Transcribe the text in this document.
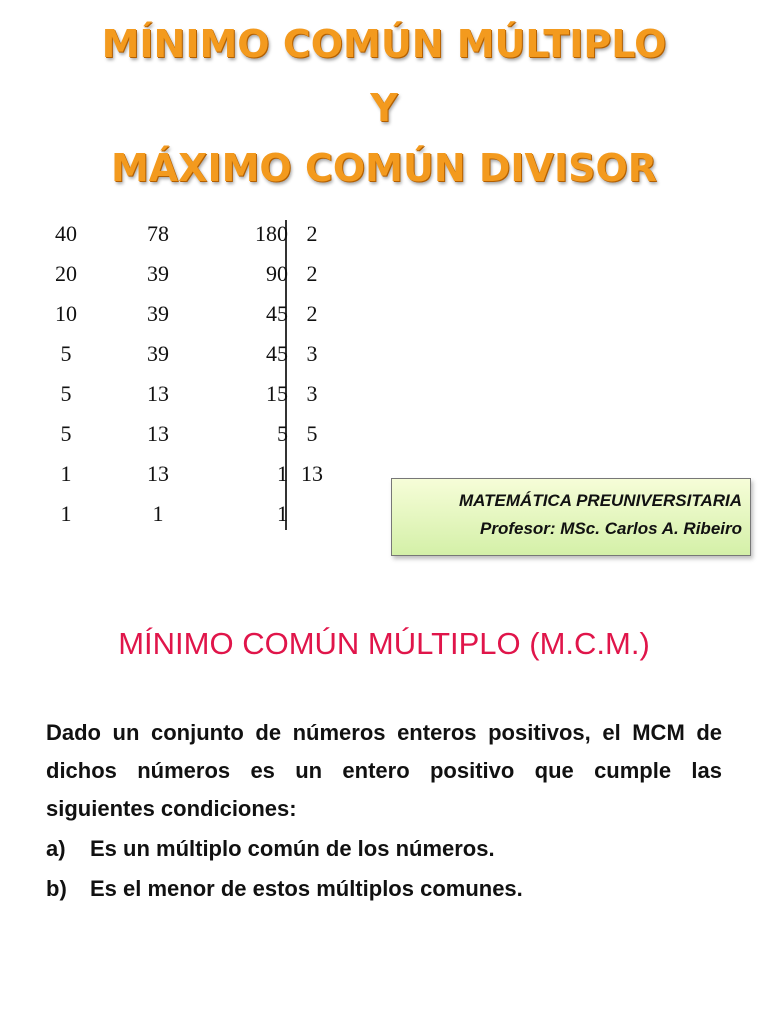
MÍNIMO COMÚN MÚLTIPLO
Y
MÁXIMO COMÚN DIVISOR
40	78	180 2
20	39	90 2
10	39	45 2
5	39	45 3
5	13	15 3
5	13	5 5
1	13	1 13
1	1	1
MATEMÁTICA PREUNIVERSITARIA
Profesor: MSc. Carlos A. Ribeiro
MÍNIMO COMÚN MÚLTIPLO (M.C.M.)
Dado un conjunto de números enteros positivos, el MCM de dichos números es un entero positivo que cumple las siguientes condiciones:
a) Es un múltiplo común de los números.
b) Es el menor de estos múltiplos comunes.
